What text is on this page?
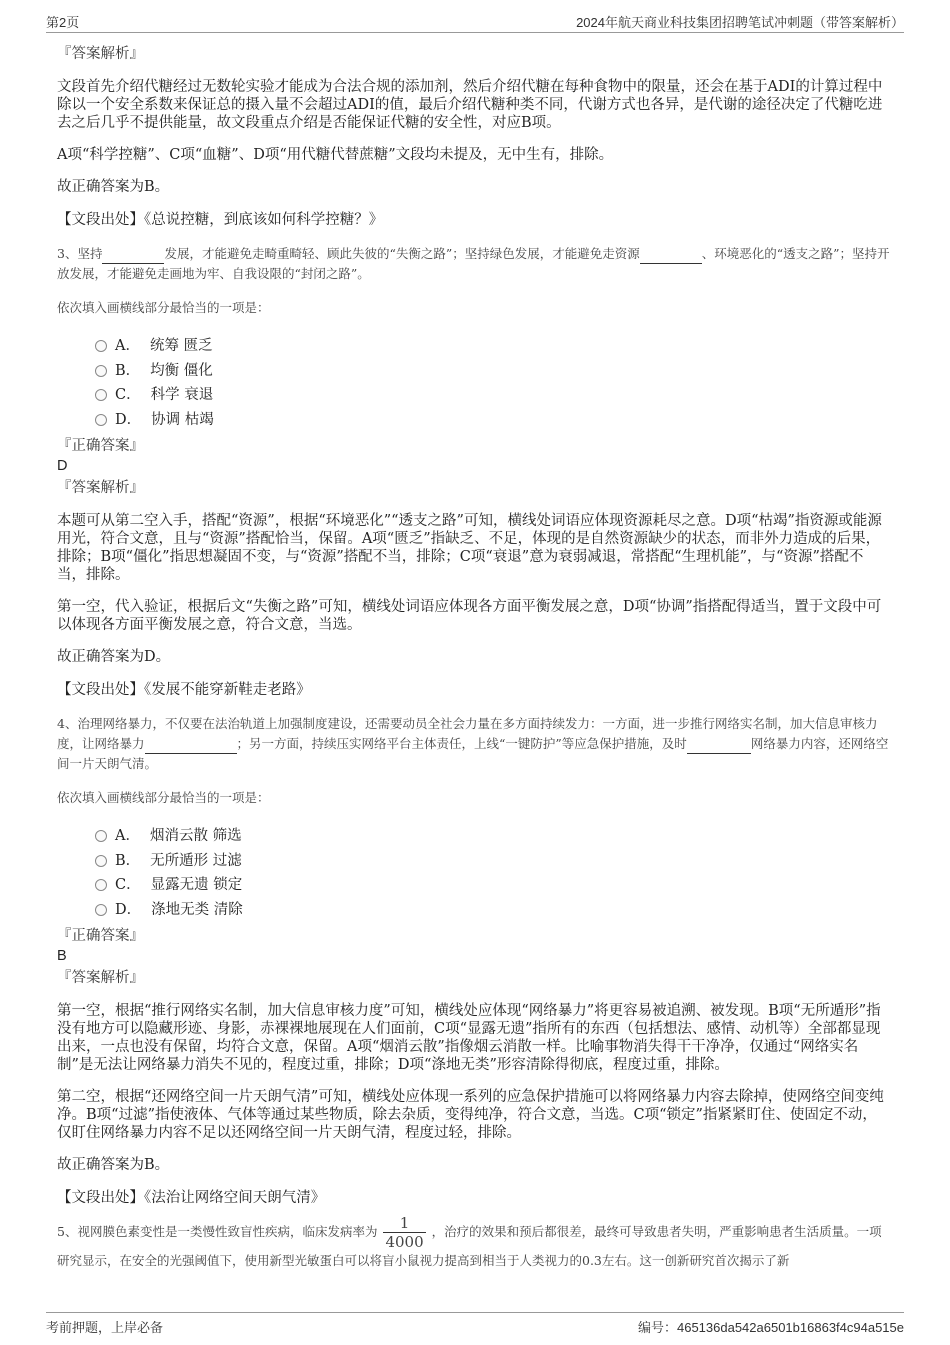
第2页	2024年航天商业科技集团招聘笔试冲刺题（带答案解析）
『答案解析』

文段首先介绍代糖经过无数轮实验才能成为合法合规的添加剂，然后介绍代糖在每种食物中的限量，还会在基于ADI的计算过程中除以一个安全系数来保证总的摄入量不会超过ADI的值，最后介绍代糖种类不同，代谢方式也各异，是代谢的途径决定了代糖吃进去之后几乎不提供能量，故文段重点介绍是否能保证代糖的安全性，对应B项。

A项“科学控糖”、C项“血糖”、D项“用代糖代替蔗糖”文段均未提及，无中生有，排除。

故正确答案为B。

【文段出处】《总说控糖，到底该如何科学控糖？》

3、坚持	发展，才能避免走畸重畸轻、顾此失彼的“失衡之路”；坚持绿色发展，才能避免走资源	、环境恶化的“透支之路”；坚持开放发展，才能避免走画地为牢、自我设限的“封闭之路”。

依次填入画横线部分最恰当的一项是：

A． 统筹 匮乏
B． 均衡 僵化
C． 科学 衰退
D． 协调 枯竭
『正确答案』
D
『答案解析』

本题可从第二空入手，搭配“资源”，根据“环境恶化”“透支之路”可知，横线处词语应体现资源耗尽之意。D项“枯竭”指资源或能源用光，符合文意，且与“资源”搭配恰当，保留。A项“匮乏”指缺乏、不足，体现的是自然资源缺少的状态，而非外力造成的后果，排除；B项“僵化”指思想凝固不变，与“资源”搭配不当，排除；C项“衰退”意为衰弱减退，常搭配“生理机能”，与“资源”搭配不当，排除。

第一空，代入验证，根据后文“失衡之路”可知，横线处词语应体现各方面平衡发展之意，D项“协调”指搭配得适当，置于文段中可以体现各方面平衡发展之意，符合文意，当选。

故正确答案为D。

【文段出处】《发展不能穿新鞋走老路》

4、治理网络暴力，不仅要在法治轨道上加强制度建设，还需要动员全社会力量在多方面持续发力：一方面，进一步推行网络实名制，加大信息审核力度，让网络暴力	；另一方面，持续压实网络平台主体责任，上线“一键防护”等应急保护措施，及时	网络暴力内容，还网络空间一片天朗气清。

依次填入画横线部分最恰当的一项是：

A． 烟消云散 筛选
B． 无所遁形 过滤
C． 显露无遗 锁定
D． 涤地无类 清除
『正确答案』
B
『答案解析』

第一空，根据“推行网络实名制，加大信息审核力度”可知，横线处应体现“网络暴力”将更容易被追溯、被发现。B项“无所遁形”指没有地方可以隐藏形迹、身影，赤裸裸地展现在人们面前，C项“显露无遗”指所有的东西（包括想法、感情、动机等）全部都显现出来，一点也没有保留，均符合文意，保留。A项“烟消云散”指像烟云消散一样。比喻事物消失得干干净净，仅通过“网络实名制”是无法让网络暴力消失不见的，程度过重，排除；D项“涤地无类”形容清除得彻底，程度过重，排除。

第二空，根据“还网络空间一片天朗气清”可知，横线处应体现一系列的应急保护措施可以将网络暴力内容去除掉，使网络空间变纯净。B项“过滤”指使液体、气体等通过某些物质，除去杂质，变得纯净，符合文意，当选。C项“锁定”指紧紧盯住、使固定不动，仅盯住网络暴力内容不足以还网络空间一片天朗气清，程度过轻，排除。

故正确答案为B。

【文段出处】《法治让网络空间天朗气清》

5、视网膜色素变性是一类慢性致盲性疾病，临床发病率为 $\frac{1}{4000}$ ，治疗的效果和预后都很差，最终可导致患者失明，严重影响患者生活质量。一项研究显示，在安全的光强阈值下，使用新型光敏蛋白可以将盲小鼠视力提高到相当于人类视力的0.3左右。这一创新研究首次揭示了新

考前押题，上岸必备	编号：465136da542a6501b16863f4c94a515e
